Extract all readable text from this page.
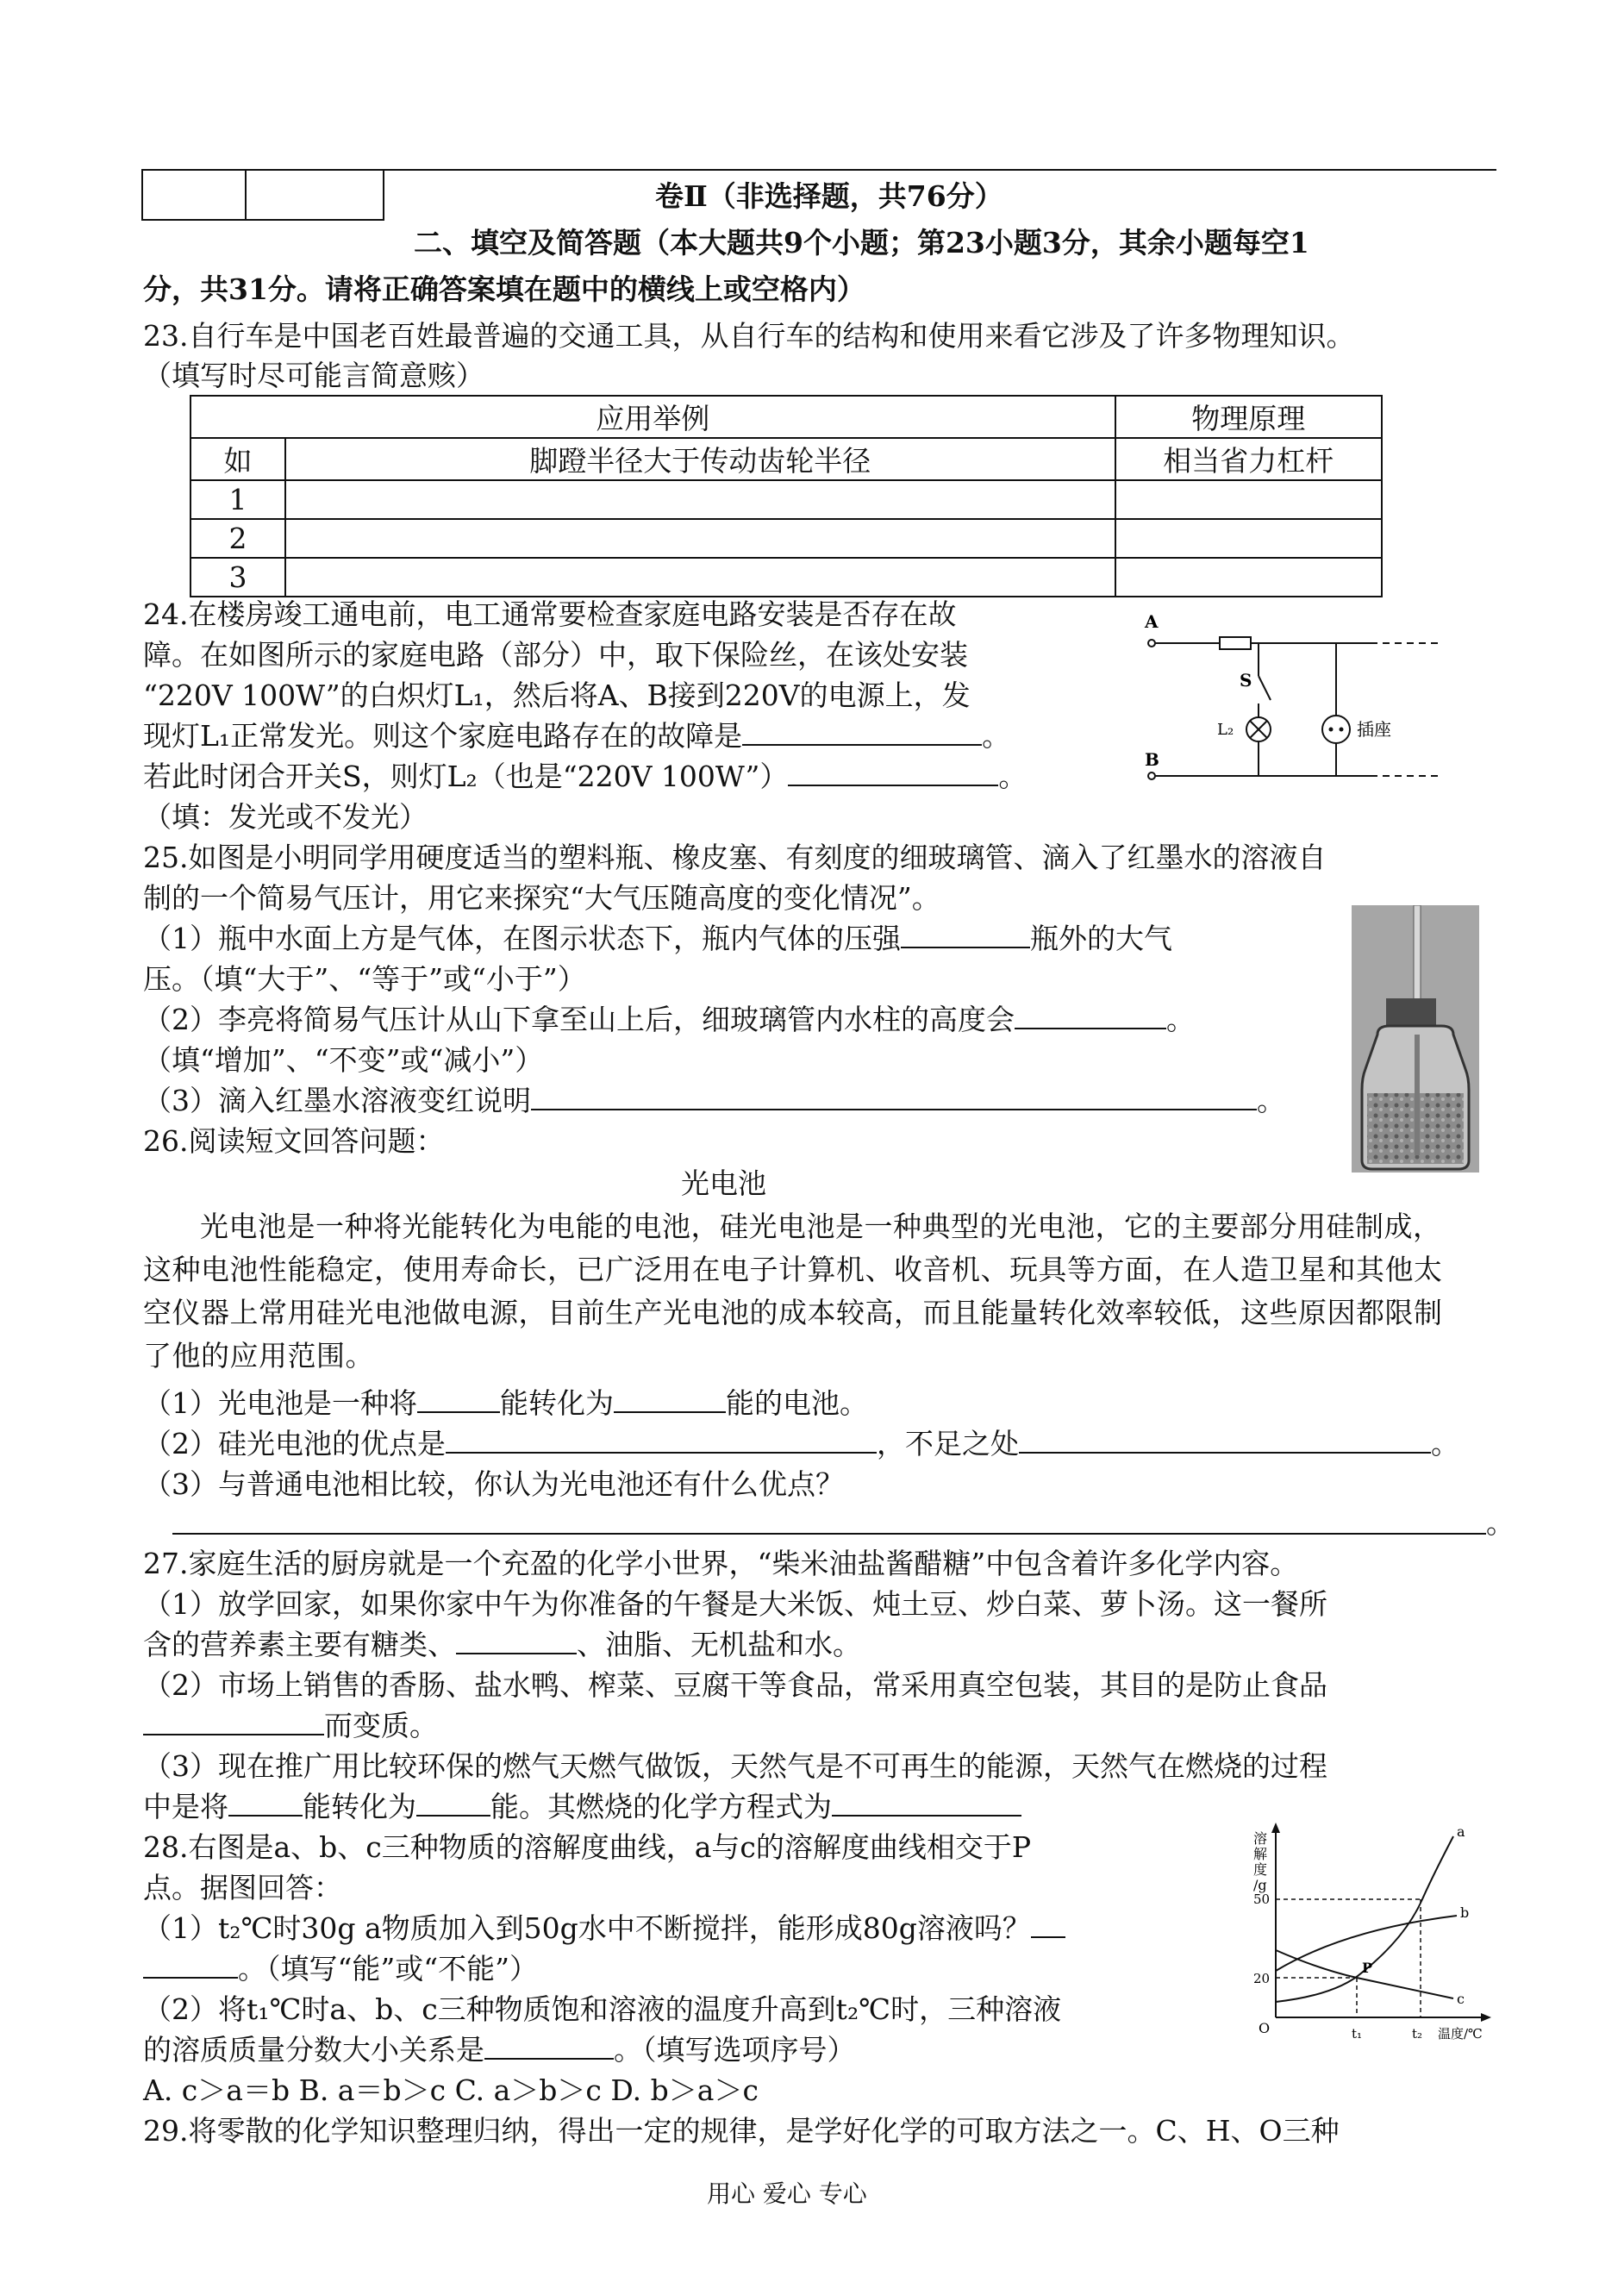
卷Ⅱ（非选择题，共76分）
二、填空及简答题（本大题共9个小题；第23小题3分，其余小题每空1
分，共31分。请将正确答案填在题中的横线上或空格内）
23.自行车是中国老百姓最普遍的交通工具，从自行车的结构和使用来看它涉及了许多物理知识。
（填写时尽可能言简意赅）
应用举例		物理原理
如	脚蹬半径大于传动齿轮半径	相当省力杠杆
1		
2		
3		
24.在楼房竣工通电前，电工通常要检查家庭电路安装是否存在故
障。在如图所示的家庭电路（部分）中，取下保险丝，在该处安装
“220V 100W”的白炽灯L₁，然后将A、B接到220V的电源上，发
现灯L₁正常发光。则这个家庭电路存在的故障是	。
若此时闭合开关S，则灯L₂（也是“220V 100W”）	。
（填：发光或不发光）
A
S
L₂	插座
B
25.如图是小明同学用硬度适当的塑料瓶、橡皮塞、有刻度的细玻璃管、滴入了红墨水的溶液自
制的一个简易气压计，用它来探究“大气压随高度的变化情况”。
（1）瓶中水面上方是气体，在图示状态下，瓶内气体的压强	瓶外的大气
压。（填“大于”、“等于”或“小于”）
（2）李亮将简易气压计从山下拿至山上后，细玻璃管内水柱的高度会	。
（填“增加”、“不变”或“减小”）
（3）滴入红墨水溶液变红说明	。
26.阅读短文回答问题：
光电池
光电池是一种将光能转化为电能的电池，硅光电池是一种典型的光电池，它的主要部分用硅制成，这种电池性能稳定，使用寿命长，已广泛用在电子计算机、收音机、玩具等方面，在人造卫星和其他太空仪器上常用硅光电池做电源，目前生产光电池的成本较高，而且能量转化效率较低，这些原因都限制了他的应用范围。
（1）光电池是一种将	能转化为	能的电池。
（2）硅光电池的优点是	，不足之处	。
（3）与普通电池相比较，你认为光电池还有什么优点？
。
27.家庭生活的厨房就是一个充盈的化学小世界，“柴米油盐酱醋糖”中包含着许多化学内容。
（1）放学回家，如果你家中午为你准备的午餐是大米饭、炖土豆、炒白菜、萝卜汤。这一餐所
含的营养素主要有糖类、	、油脂、无机盐和水。
（2）市场上销售的香肠、盐水鸭、榨菜、豆腐干等食品，常采用真空包装，其目的是防止食品
而变质。
（3）现在推广用比较环保的燃气天燃气做饭，天然气是不可再生的能源，天然气在燃烧的过程
中是将	能转化为	能。其燃烧的化学方程式为
28.右图是a、b、c三种物质的溶解度曲线，a与c的溶解度曲线相交于P
点。据图回答：
（1）t₂℃时30g a物质加入到50g水中不断搅拌，能形成80g溶液吗？
。（填写“能”或“不能”）
（2）将t₁℃时a、b、c三种物质饱和溶液的温度升高到t₂℃时，三种溶液
的溶质质量分数大小关系是	。（填写选项序号）
A. c＞a＝b B. a＝b＞c C. a＞b＞c D. b＞a＞c
溶
解
度
/g
50
20
O	t₁	t₂ 温度/℃
a
b
c
P
29.将零散的化学知识整理归纳，得出一定的规律，是学好化学的可取方法之一。C、H、O三种
用心 爱心 专心
